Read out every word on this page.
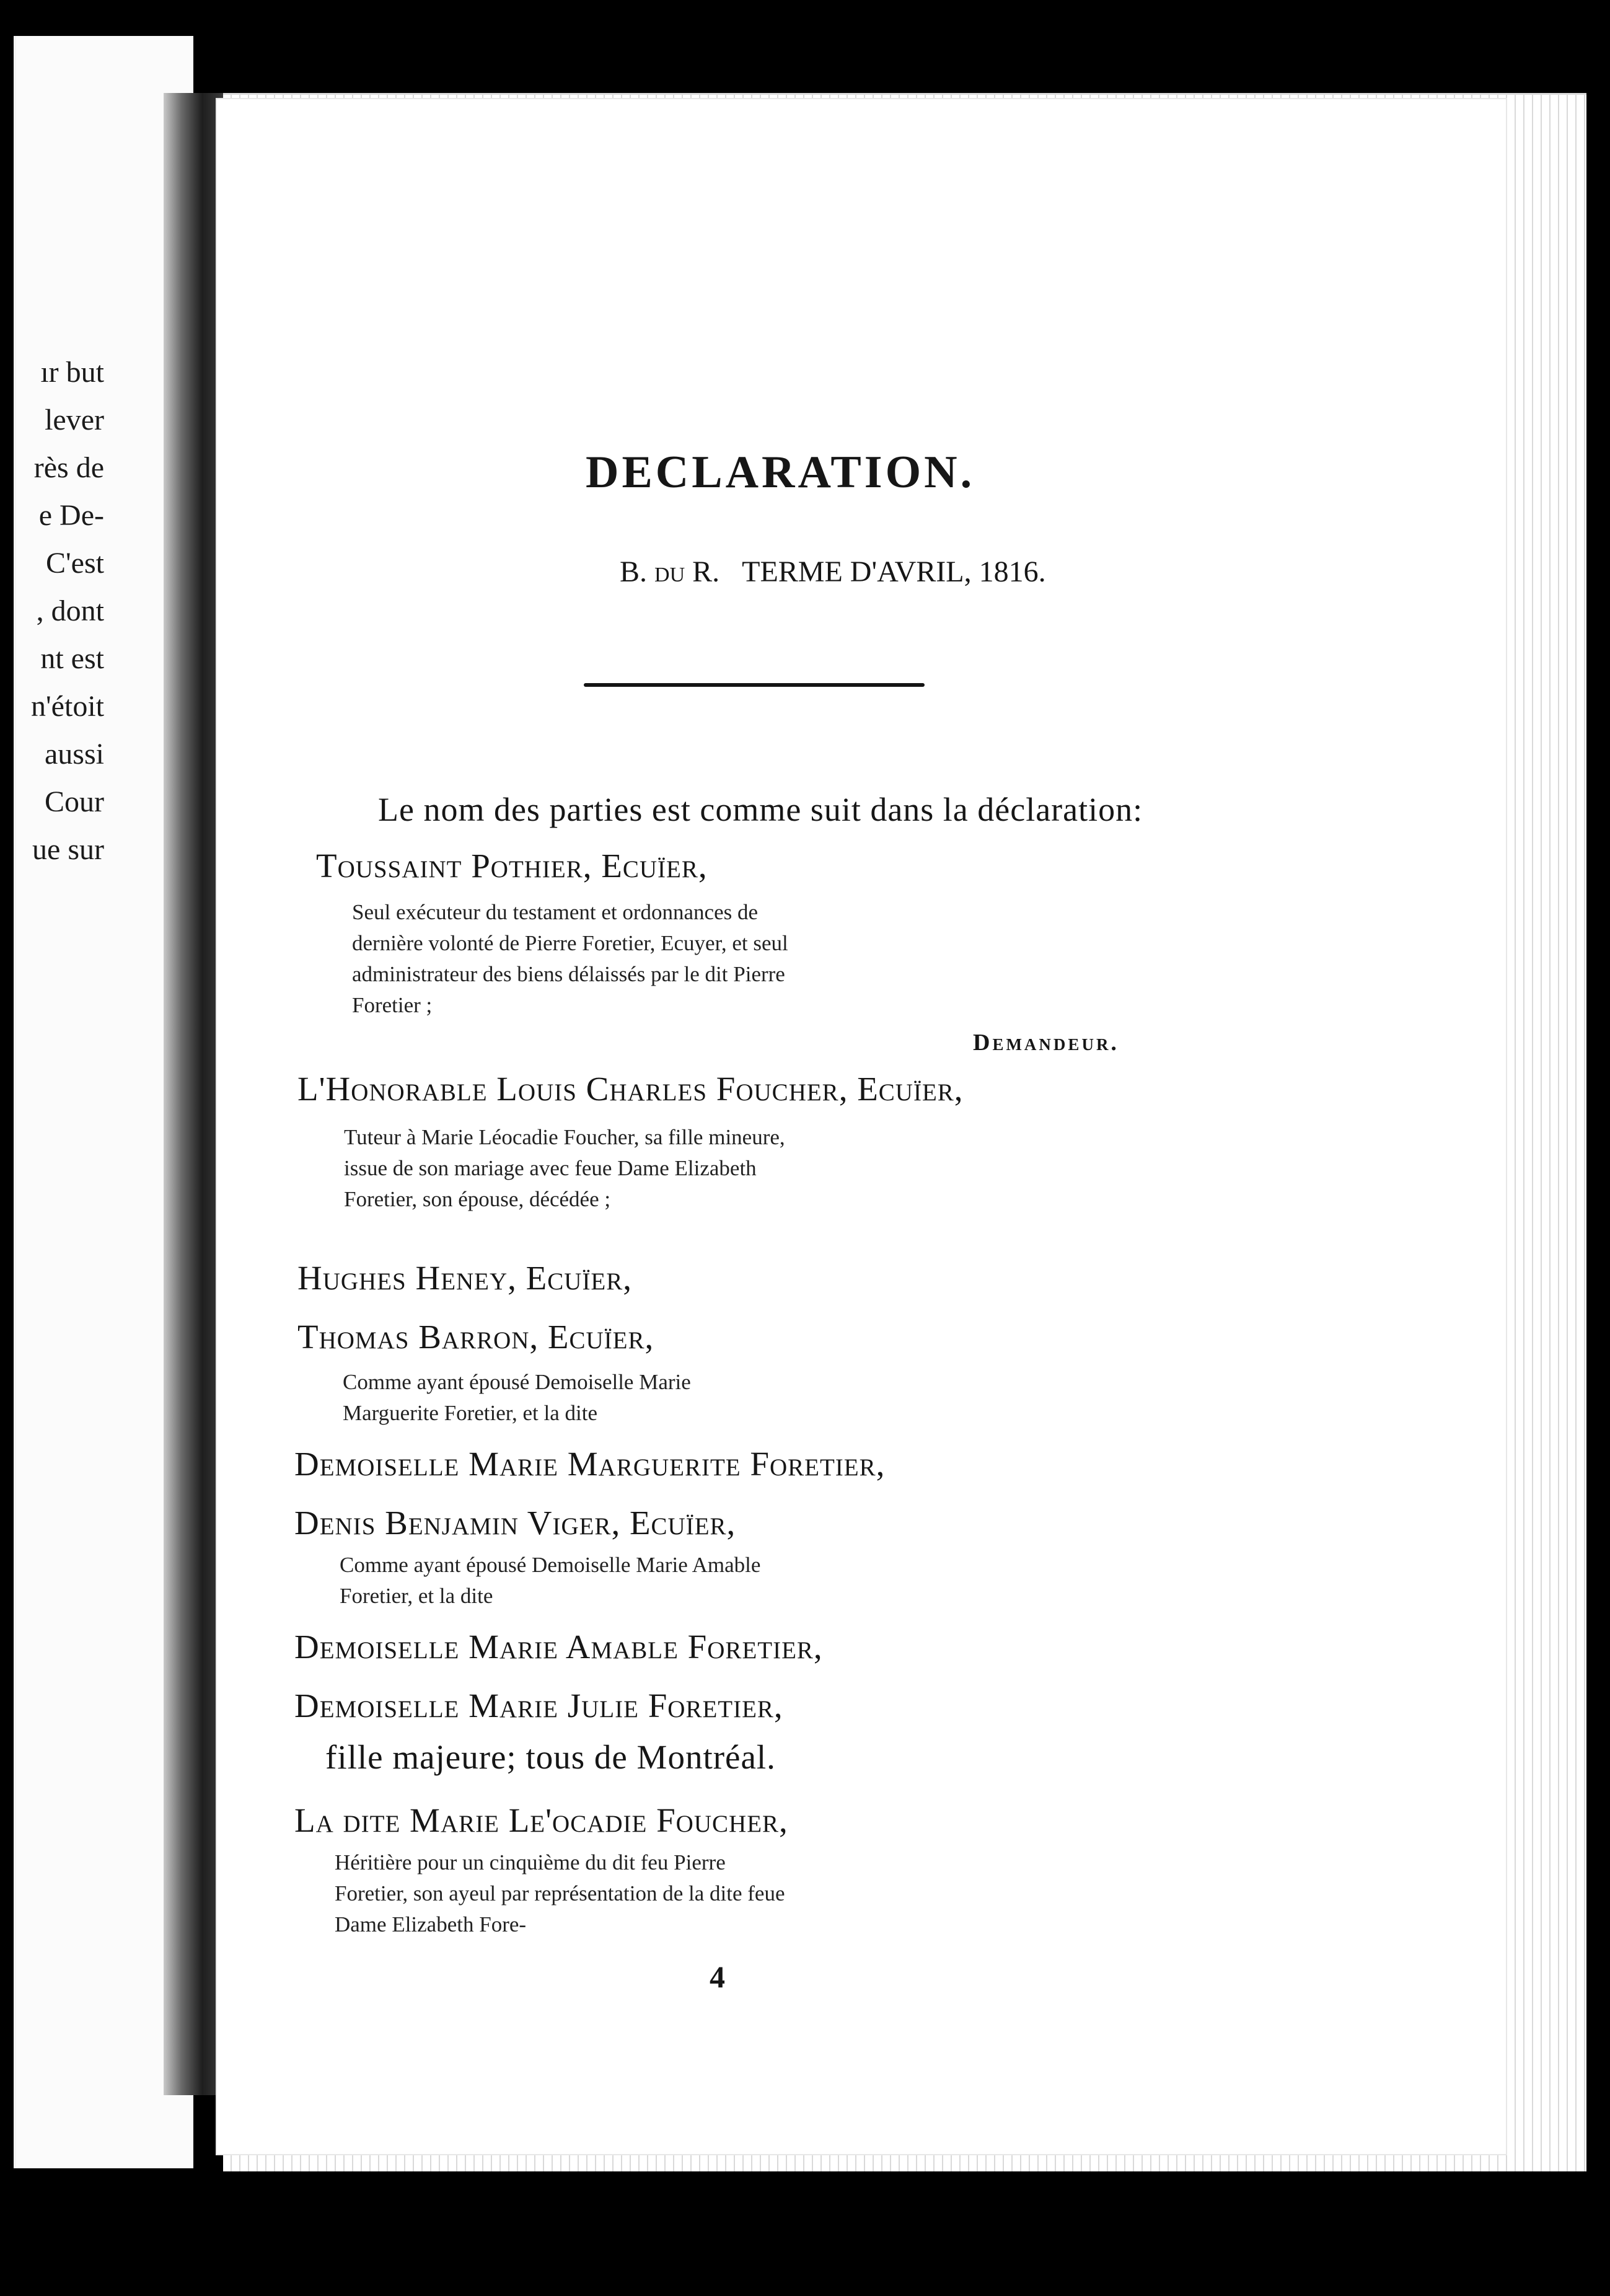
ır but
lever
rès de
e De-
C'est
, dont
nt est
n'étoit
aussi
Cour
ue sur
DECLARATION.
B. DU R. TERME D'AVRIL, 1816.
Le nom des parties est comme suit dans la déclaration:
Toussaint Pothier, Ecuïer,
Seul exécuteur du testament et ordonnances de dernière volonté de Pierre Foretier, Ecuyer, et seul administrateur des biens délaissés par le dit Pierre Foretier ;
Demandeur.
L'Honorable Louis Charles Foucher, Ecuïer,
Tuteur à Marie Léocadie Foucher, sa fille mineure, issue de son mariage avec feue Dame Elizabeth Foretier, son épouse, décédée ;
Hughes Heney, Ecuïer,
Thomas Barron, Ecuïer,
Comme ayant épousé Demoiselle Marie Marguerite Foretier, et la dite
Demoiselle Marie Marguerite Foretier,
Denis Benjamin Viger, Ecuïer,
Comme ayant épousé Demoiselle Marie Amable Foretier, et la dite
Demoiselle Marie Amable Foretier,
Demoiselle Marie Julie Foretier,
fille majeure; tous de Montréal.
La dite Marie Le'ocadie Foucher,
Héritière pour un cinquième du dit feu Pierre Foretier, son ayeul par représentation de la dite feue Dame Elizabeth Fore-
4
